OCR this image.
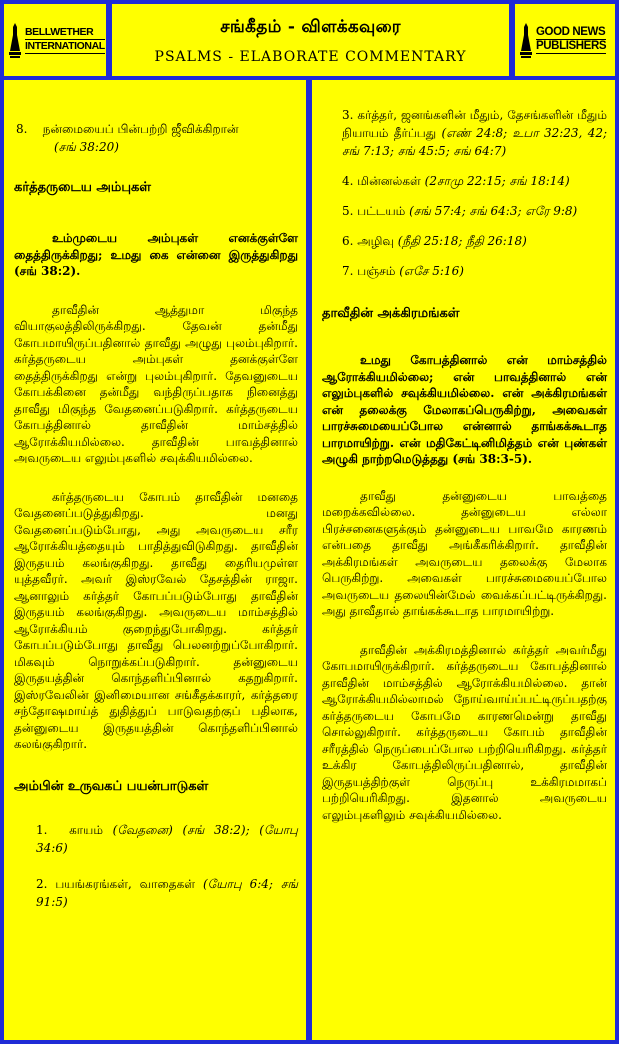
BELLWETHER
INTERNATIONAL
சங்கீதம் - விளக்கவுரை
PSALMS - ELABORATE COMMENTARY
GOOD NEWS
PUBLISHERS
8.    நன்மையைப் பின்பற்றி ஜீவிக்கிறான்
(சங் 38:20)
கர்த்தருடைய அம்புகள்
உம்முடைய அம்புகள் எனக்குள்ளே தைத்திருக்கிறது; உமது கை என்னை இருத்துகிறது (சங் 38:2).
தாவீதின் ஆத்துமா மிகுந்த வியாகுலத்திலிருக்கிறது. தேவன் தன்மீது கோபமாயிருப்பதினால் தாவீது அழுது புலம்புகிறார். கர்த்தருடைய அம்புகள் தனக்குள்ளே தைத்திருக்கிறது என்று புலம்புகிறார். தேவனுடைய கோபக்கினை தன்மீது வந்திருப்பதாக நினைத்து தாவீது மிகுந்த வேதனைப்படுகிறார். கர்த்தருடைய கோபத்தினால் தாவீதின் மாம்சத்தில் ஆரோக்கியமில்லை. தாவீதின் பாவத்தினால் அவருடைய எலும்புகளில் சவுக்கியமில்லை.
கர்த்தருடைய கோபம் தாவீதின் மனதை வேதனைப்படுத்துகிறது. மனது வேதனைப்படும்போது, அது அவருடைய சரீர ஆரோக்கியத்தையும் பாதித்துவிடுகிறது. தாவீதின் இருதயம் கலங்குகிறது. தாவீது தைரியமுள்ள யுத்தவீரர். அவர் இஸ்ரவேல் தேசத்தின் ராஜா. ஆனாலும் கர்த்தர் கோபப்படும்போது தாவீதின் இருதயம் கலங்குகிறது. அவருடைய மாம்சத்தில் ஆரோக்கியம் குறைந்துபோகிறது. கர்த்தர் கோபப்படும்போது தாவீது பெலனற்றுப்போகிறார். மிகவும் நொறுக்கப்படுகிறார். தன்னுடைய இருதயத்தின் கொந்தளிப்பினால் கதறுகிறார். இஸ்ரவேலின் இனிமையான சங்கீதக்காரர், கர்த்தரை சந்தோஷமாய்த் துதித்துப் பாடுவதற்குப் பதிலாக, தன்னுடைய இருதயத்தின் கொந்தளிப்பினால் கலங்குகிறார்.
அம்பின் உருவகப் பயன்பாடுகள்
1. காயம் (வேதனை) (சங் 38:2); (யோபு 34:6)
2. பயங்கரங்கள், வாதைகள் (யோபு 6:4; சங் 91:5)
3. கர்த்தர், ஜனங்களின் மீதும், தேசங்களின் மீதும் நியாயம் தீர்ப்பது (எண் 24:8; உபா 32:23, 42; சங் 7:13; சங் 45:5; சங் 64:7)
4. மின்னல்கள் (2சாமு 22:15; சங் 18:14)
5. பட்டயம் (சங் 57:4; சங் 64:3; எரே 9:8)
6. அழிவு (நீதி 25:18; நீதி 26:18)
7. பஞ்சம் (எசே 5:16)
தாவீதின் அக்கிரமங்கள்
உமது கோபத்தினால் என் மாம்சத்தில் ஆரோக்கியமில்லை; என் பாவத்தினால் என் எலும்புகளில் சவுக்கியமில்லை. என் அக்கிரமங்கள் என் தலைக்கு மேலாகப்பெருகிற்று, அவைகள் பாரச்சுமையைப்போல என்னால் தாங்கக்கூடாத பாரமாயிற்று. என் மதிகேட்டினிமித்தம் என் புண்கள் அழுகி நாற்றமெடுத்தது (சங் 38:3-5).
தாவீது தன்னுடைய பாவத்தை மறைக்கவில்லை. தன்னுடைய எல்லா பிரச்சனைகளுக்கும் தன்னுடைய பாவமே காரணம் என்பதை தாவீது அங்கீகரிக்கிறார். தாவீதின் அக்கிரமங்கள் அவருடைய தலைக்கு மேலாக பெருகிற்று. அவைகள் பாரச்சுமையைப்போல அவருடைய தலையின்மேல் வைக்கப்பட்டிருக்கிறது. அது தாவீதால் தாங்கக்கூடாத பாரமாயிற்று.
தாவீதின் அக்கிரமத்தினால் கர்த்தர் அவர்மீது கோபமாயிருக்கிறார். கர்த்தருடைய கோபத்தினால் தாவீதின் மாம்சத்தில் ஆரோக்கியமில்லை. தான் ஆரோக்கியமில்லாமல் நோய்வாய்ப்பட்டிருப்பதற்கு கர்த்தருடைய கோபமே காரணமென்று தாவீது சொல்லுகிறார். கர்த்தருடைய கோபம் தாவீதின் சரீரத்தில் நெருப்பைப்போல பற்றியெரிகிறது. கர்த்தர் உக்கிர கோபத்திலிருப்பதினால், தாவீதின் இருதயத்திற்குள் நெருப்பு உக்கிரமமாகப் பற்றியெரிகிறது. இதனால் அவருடைய எலும்புகளிலும் சவுக்கியமில்லை.
